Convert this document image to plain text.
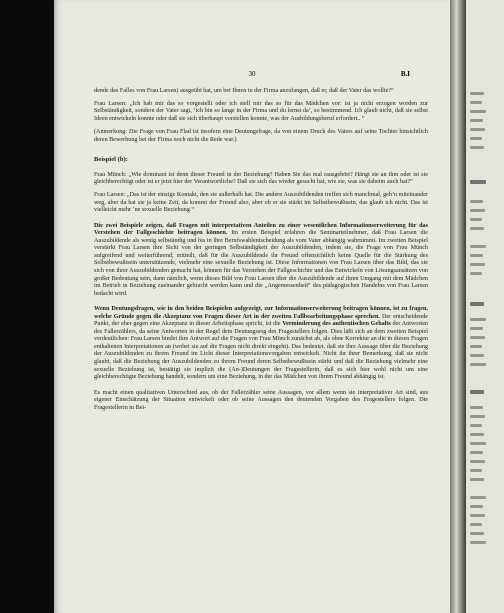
30	B.I

dende des Falles von Frau Larsen) ausgeübt hat, um bei Ihnen in der Firma anzufangen, daß er, daß der Vater das wollte?“

Frau Larsen: „Ich hab mir das so vorgestellt oder ich stell mir das so für das Mädchen vor: ist ja nicht erzogen worden zur Selbständigkeit, sondern der Vater sagt, ‘ich bin so lange in der Firma und du lernst da’, so bestimmend. Ich glaub nicht, daß sie selbst Ideen entwickeln konnte oder daß sie sich überhaupt vorstellen konnte, was der Ausbildungsberuf erfordert.. “

(Anmerkung: Die Frage von Frau Flad ist insofern eine Deutungsfrage, da von einem Druck des Vaters auf seine Tochter hinsichtlich deren Bewerbung bei der Firma noch nicht die Rede war.)

Beispiel (b):

Frau Münch: „Wie dominant ist denn dieser Freund in der Beziehung? Haben Sie das mal rausgehört? Hängt sie an ihm oder ist sie gleichberechtigt oder ist er jetzt hier der Verantwortliche? Daß sie sich das wieder gesucht hat, wie sie, was sie daheim auch hat?“

Frau Larsen: „Das ist der einzige Kontakt, den sie außerhalb hat. Die andern Auszubildenden treffen sich manchmal, geh’n miteinander weg, aber da hat sie ja keine Zeit, da kommt der Freund also, aber ob er sie stärkt im Selbstbewußtsein, das glaub ich nicht. Das ist vielleicht mehr ’ne sexuelle Beziehung.“

Die zwei Beispiele zeigen, daß Fragen mit interpretativen Anteilen zu einer wesentlichen Informationserweiterung für das Verstehen der Fallgeschichte beitragen können. Im ersten Beispiel erfahren die Seminarteilnehmer, daß Frau Larsen die Auszubildende als wenig selbständig und bis in ihre Berufswahlentscheidung als vom Vater abhängig wahrnimmt. Im zweiten Beispiel verstärkt Frau Larsen ihre Sicht von der geringen Selbständigkeit der Auszubildenden, indem sie, die Frage von Frau Münch aufgreifend und weiterführend, mitteilt, daß für die Auszubildende ihr Freund offensichtlich keine Quelle für die Stärkung des Selbstbewußtsein unterstützende, vielmehr eine sexuelle Beziehung ist. Diese Informationen von Frau Larsen über das Bild, das sie sich von ihrer Auszubildenden gemacht hat, können für das Verstehen der Fallgeschichte und das Entwickeln von Lösungsansätzen von großer Bedeutung sein, dann nämlich, wenn dieses Bild von Frau Larsen über die Auszubildende auf ihren Umgang mit dem Mädchen im Betrieb in Beziehung zueinander gebracht werden kann und die „Angemessenheit“ des pädagogischen Handelns von Frau Larsen bedacht wird.

Wenn Deutungsfragen, wie in den beiden Beispielen aufgezeigt, zur Informationserweiterung beitragen können, ist zu fragen, welche Gründe gegen die Akzeptanz von Fragen dieser Art in der zweiten Fallbearbeitungsphase sprechen. Der entscheidende Punkt, der eher gegen eine Akzeptanz in dieser Arbeitsphase spricht, ist die Verminderung des authentischen Gehalts der Antworten des Fallerzählers, da seine Antworten in der Regel dem Deutungssog des Fragestellers folgen. Dies läßt sich an dem zweiten Beispiel verdeutlichen: Frau Larsen bindet ihre Antwort auf die Fragen von Frau Münch zunächst ab, als ohne Korrektur an die in diesen Fragen enthaltenen Interpretationen an (wobei sie auf die Fragen nicht direkt eingeht). Das bedeutet, daß sie ihre Aussage über die Beziehung der Auszubildenden zu ihrem Freund im Licht dieser Interpretationsvorgaben entwickelt. Nicht ihr ihrer Bemerkung, daß sie nicht glaubt, daß die Beziehung der Auszubildenden zu ihrem Freund deren Selbstbewußtsein stärkt und daß die Beziehung vielmehr eine sexuelle Beziehung ist, bestätigt sie implizit die (An-)Deutungen der Fragestellerin, daß es sich hier wohl nicht um eine gleichberechtigte Beziehung handelt, sondern um eine Beziehung, in der das Mädchen von ihrem Freund abhängig ist.

Es macht einen qualitativen Unterschied aus, ob der Fallerzähler seine Aussagen, vor allem wenn sie interpretativer Art sind, aus eigener Einschätzung der Situation entwickelt oder ob seine Aussagen den deutenden Vorgaben des Fragestellers folgen. Die Fragestellerin in Bei-
